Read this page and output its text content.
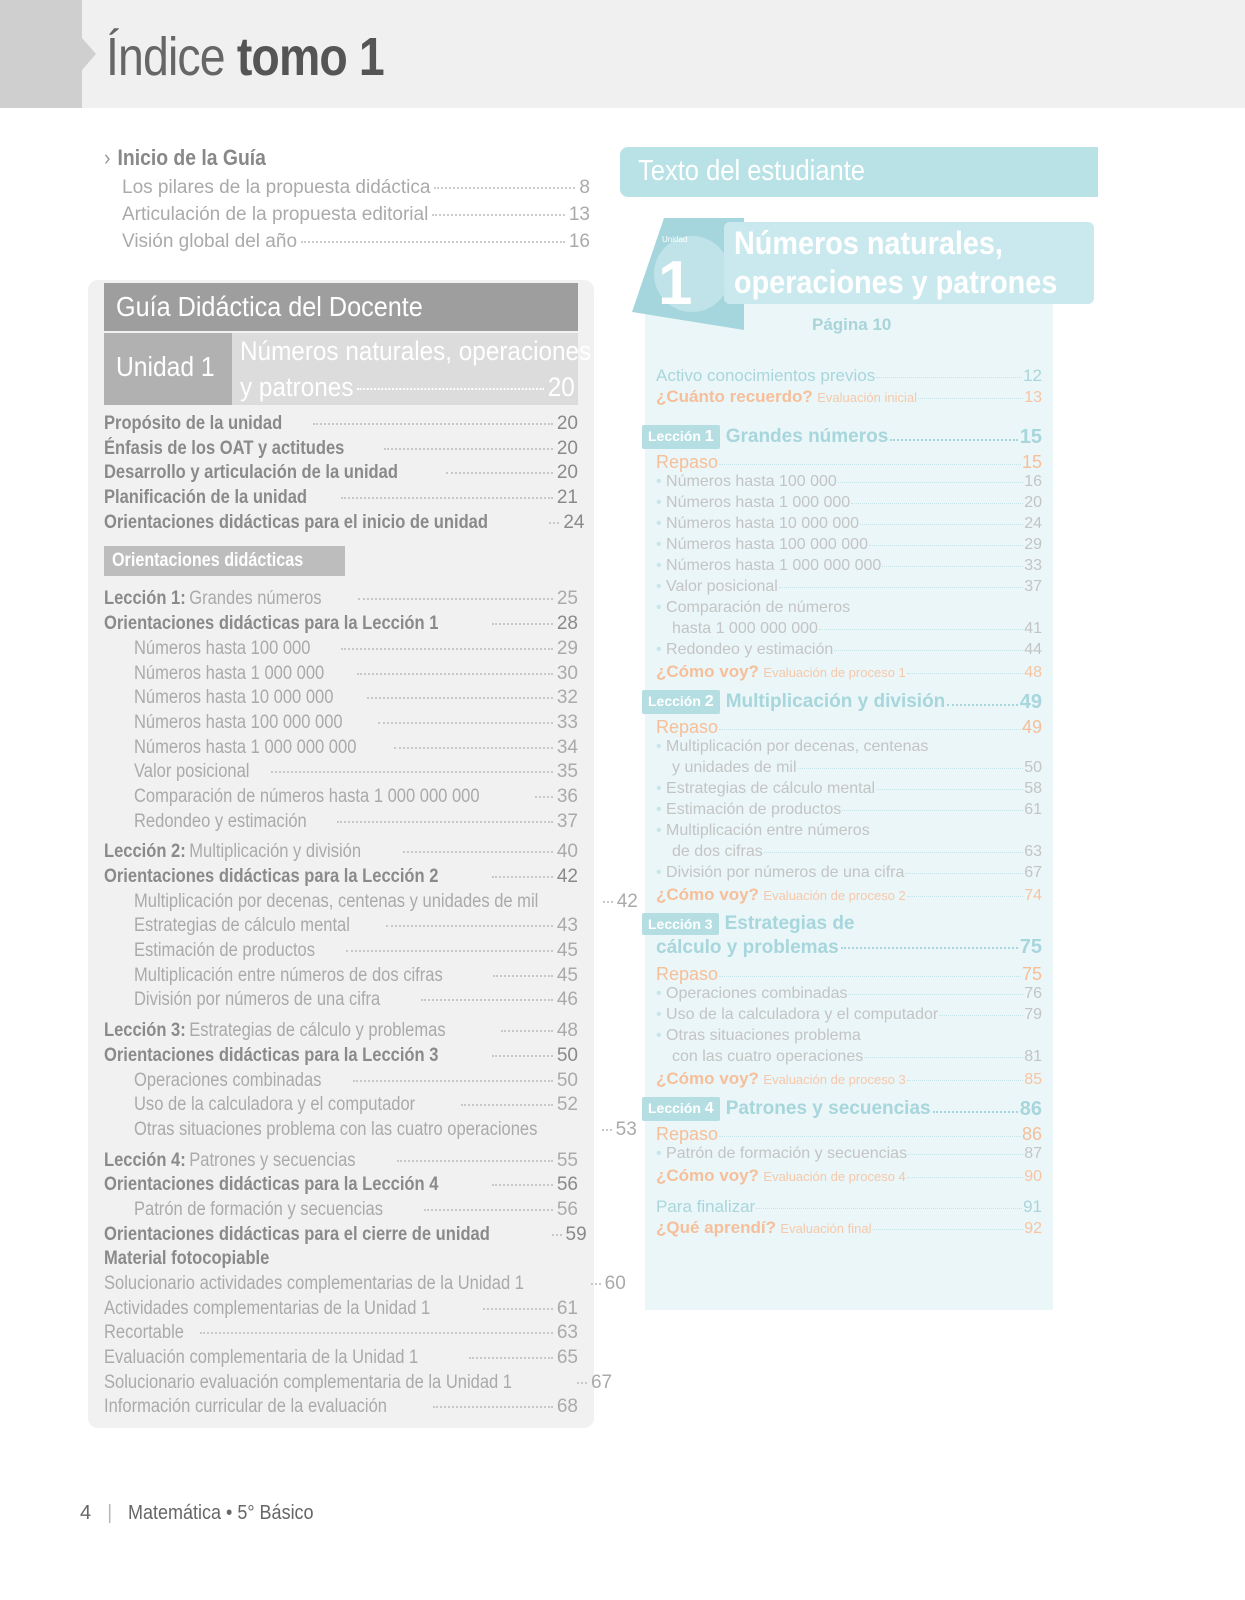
Índice tomo 1
› Inicio de la Guía
Los pilares de la propuesta didáctica	8
Articulación de la propuesta editorial	13
Visión global del año	16
Guía Didáctica del Docente
Unidad 1 Números naturales, operaciones
y patrones	20
Propósito de la unidad	20
Énfasis de los OAT y actitudes	20
Desarrollo y articulación de la unidad	20
Planificación de la unidad	21
Orientaciones didácticas para el inicio de unidad	24
Orientaciones didácticas
Lección 1: Grandes números	25
Orientaciones didácticas para la Lección 1	28
Números hasta 100 000	29
Números hasta 1 000 000	30
Números hasta 10 000 000	32
Números hasta 100 000 000	33
Números hasta 1 000 000 000	34
Valor posicional	35
Comparación de números hasta 1 000 000 000	36
Redondeo y estimación	37
Lección 2: Multiplicación y división	40
Orientaciones didácticas para la Lección 2	42
Multiplicación por decenas, centenas y unidades de mil	42
Estrategias de cálculo mental	43
Estimación de productos	45
Multiplicación entre números de dos cifras	45
División por números de una cifra	46
Lección 3: Estrategias de cálculo y problemas	48
Orientaciones didácticas para la Lección 3	50
Operaciones combinadas	50
Uso de la calculadora y el computador	52
Otras situaciones problema con las cuatro operaciones	53
Lección 4: Patrones y secuencias	55
Orientaciones didácticas para la Lección 4	56
Patrón de formación y secuencias	56
Orientaciones didácticas para el cierre de unidad	59
Material fotocopiable
Solucionario actividades complementarias de la Unidad 1	60
Actividades complementarias de la Unidad 1	61
Recortable	63
Evaluación complementaria de la Unidad 1	65
Solucionario evaluación complementaria de la Unidad 1	67
Información curricular de la evaluación	68
Texto del estudiante
Unidad
1
Números naturales,
operaciones y patrones
Página 10
Activo conocimientos previos	12
¿Cuánto recuerdo? Evaluación inicial	13
Lección 1 Grandes números	15
Repaso	15
• Números hasta 100 000	16
• Números hasta 1 000 000	20
• Números hasta 10 000 000	24
• Números hasta 100 000 000	29
• Números hasta 1 000 000 000	33
• Valor posicional	37
• Comparación de números
hasta 1 000 000 000	41
• Redondeo y estimación	44
¿Cómo voy? Evaluación de proceso 1	48
Lección 2 Multiplicación y división	49
Repaso	49
• Multiplicación por decenas, centenas
y unidades de mil	50
• Estrategias de cálculo mental	58
• Estimación de productos	61
• Multiplicación entre números
de dos cifras	63
• División por números de una cifra	67
¿Cómo voy? Evaluación de proceso 2	74
Lección 3 Estrategias de
cálculo y problemas	75
Repaso	75
• Operaciones combinadas	76
• Uso de la calculadora y el computador	79
• Otras situaciones problema
con las cuatro operaciones	81
¿Cómo voy? Evaluación de proceso 3	85
Lección 4 Patrones y secuencias	86
Repaso	86
• Patrón de formación y secuencias	87
¿Cómo voy? Evaluación de proceso 4	90
Para finalizar	91
¿Qué aprendí? Evaluación final	92
4 | Matemática • 5° Básico
